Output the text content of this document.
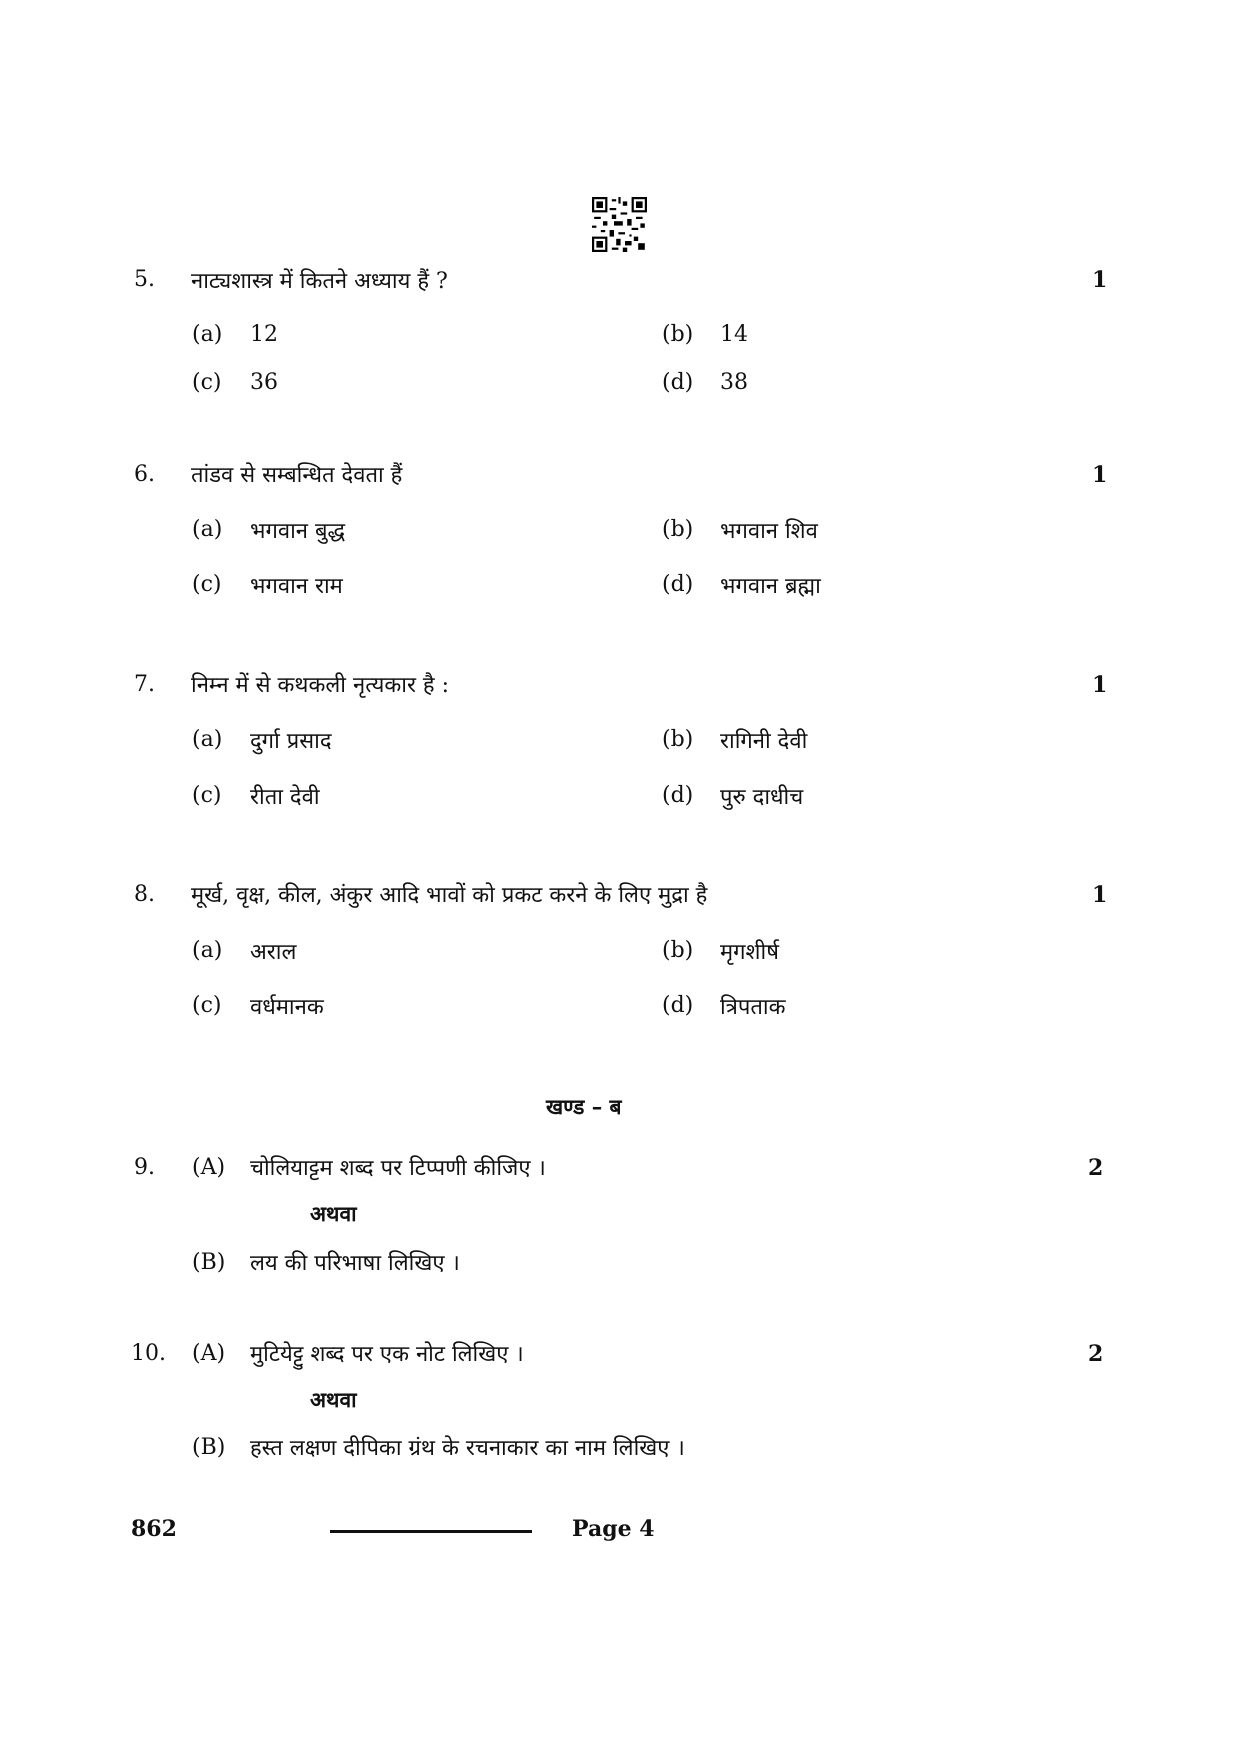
5. नाट्यशास्त्र में कितने अध्याय हैं ?	1
(a) 12	(b) 14
(c) 36	(d) 38
6. तांडव से सम्बन्धित देवता हैं	1
(a) भगवान बुद्ध	(b) भगवान शिव
(c) भगवान राम	(d) भगवान ब्रह्मा
7. निम्न में से कथकली नृत्यकार है :	1
(a) दुर्गा प्रसाद	(b) रागिनी देवी
(c) रीता देवी	(d) पुरु दाधीच
8. मूर्ख, वृक्ष, कील, अंकुर आदि भावों को प्रकट करने के लिए मुद्रा है	1
(a) अराल	(b) मृगशीर्ष
(c) वर्धमानक	(d) त्रिपताक
खण्ड – ब
9. (A) चोलियाट्टम शब्द पर टिप्पणी कीजिए ।	2
अथवा
(B) लय की परिभाषा लिखिए ।
10. (A) मुटियेट्टु शब्द पर एक नोट लिखिए ।	2
अथवा
(B) हस्त लक्षण दीपिका ग्रंथ के रचनाकार का नाम लिखिए ।
862	Page 4
